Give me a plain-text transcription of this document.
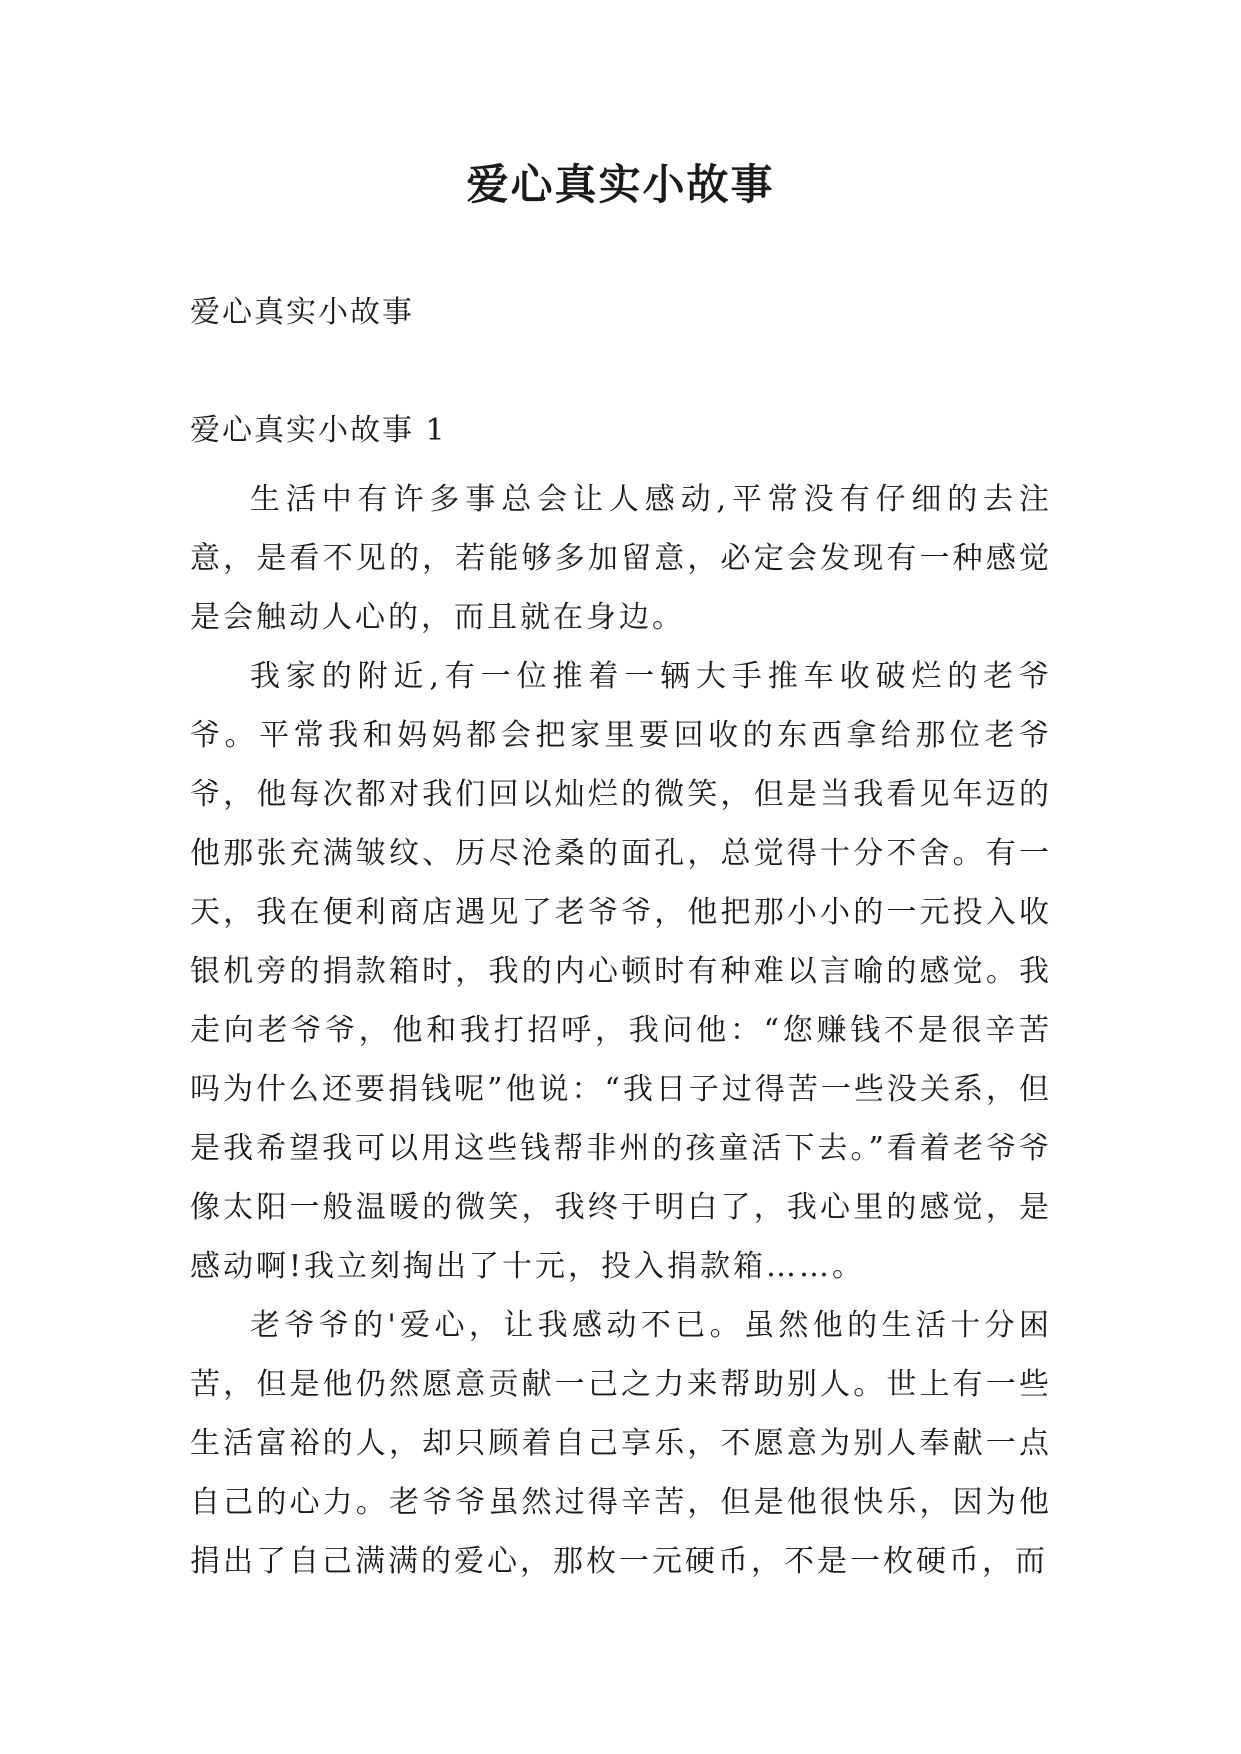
爱心真实小故事
爱心真实小故事
爱心真实小故事 1

生活中有许多事总会让人感动,平常没有仔细的去注意，是看不见的，若能够多加留意，必定会发现有一种感觉是会触动人心的，而且就在身边。

我家的附近,有一位推着一辆大手推车收破烂的老爷爷。平常我和妈妈都会把家里要回收的东西拿给那位老爷爷，他每次都对我们回以灿烂的微笑，但是当我看见年迈的他那张充满皱纹、历尽沧桑的面孔，总觉得十分不舍。有一天，我在便利商店遇见了老爷爷，他把那小小的一元投入收银机旁的捐款箱时，我的内心顿时有种难以言喻的感觉。我走向老爷爷，他和我打招呼，我问他：“您赚钱不是很辛苦吗为什么还要捐钱呢”他说：“我日子过得苦一些没关系，但是我希望我可以用这些钱帮非州的孩童活下去。”看着老爷爷像太阳一般温暖的微笑，我终于明白了，我心里的感觉，是感动啊!我立刻掏出了十元，投入捐款箱……。

老爷爷的'爱心，让我感动不已。虽然他的生活十分困苦，但是他仍然愿意贡献一己之力来帮助别人。世上有一些生活富裕的人，却只顾着自己享乐，不愿意为别人奉献一点自己的心力。老爷爷虽然过得辛苦，但是他很快乐，因为他捐出了自己满满的爱心，那枚一元硬币，不是一枚硬币，而
